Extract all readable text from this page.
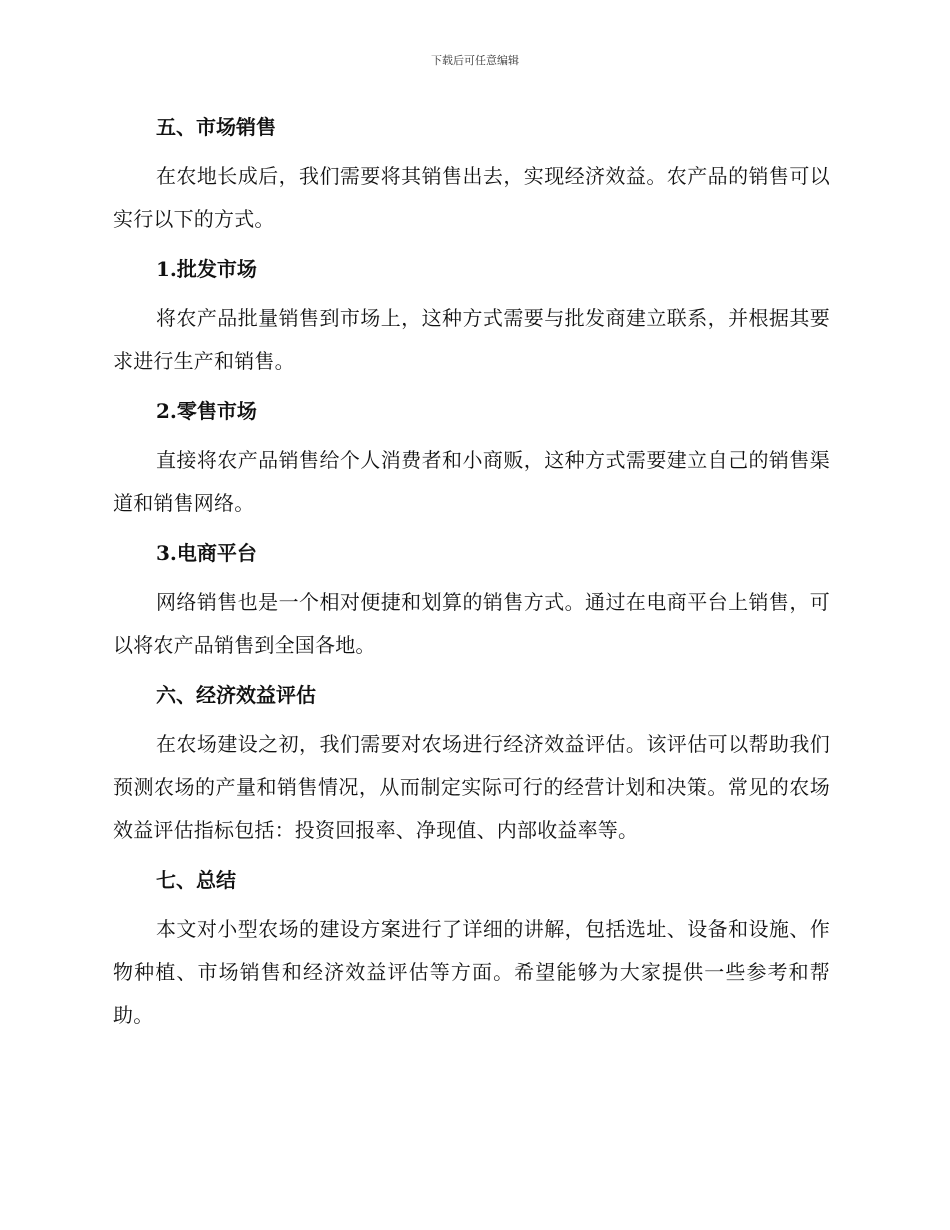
下载后可任意编辑
五、市场销售

在农地长成后，我们需要将其销售出去，实现经济效益。农产品的销售可以实行以下的方式。

1.批发市场

将农产品批量销售到市场上，这种方式需要与批发商建立联系，并根据其要求进行生产和销售。

2.零售市场

直接将农产品销售给个人消费者和小商贩，这种方式需要建立自己的销售渠道和销售网络。

3.电商平台

网络销售也是一个相对便捷和划算的销售方式。通过在电商平台上销售，可以将农产品销售到全国各地。

六、经济效益评估

在农场建设之初，我们需要对农场进行经济效益评估。该评估可以帮助我们预测农场的产量和销售情况，从而制定实际可行的经营计划和决策。常见的农场效益评估指标包括：投资回报率、净现值、内部收益率等。

七、总结

本文对小型农场的建设方案进行了详细的讲解，包括选址、设备和设施、作物种植、市场销售和经济效益评估等方面。希望能够为大家提供一些参考和帮助。
